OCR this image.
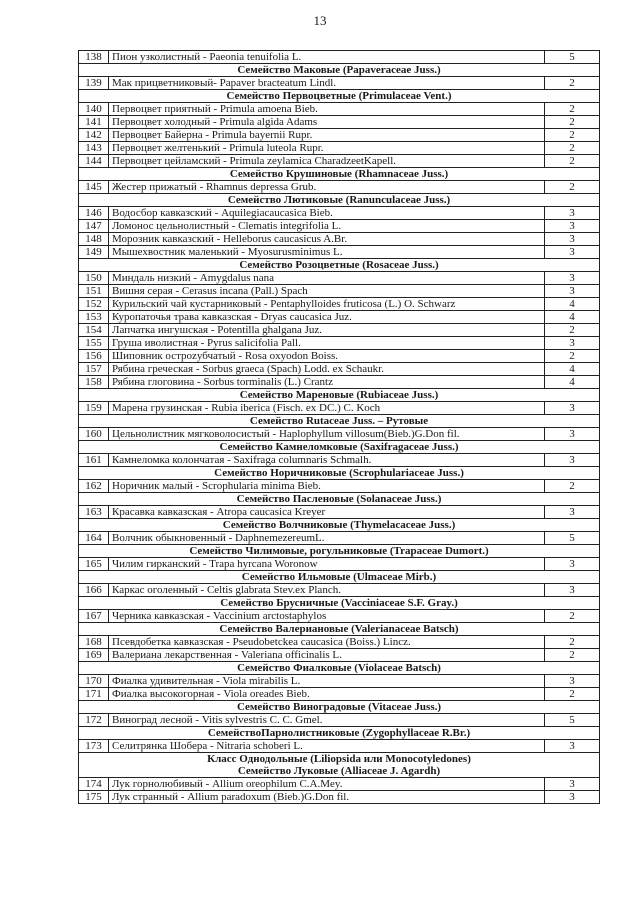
13
138	Пион узколистный - Paeonia tenuifolia L.	5
Семейство Маковые (Papaveraceae Juss.)		
139	Мак прицветниковый- Papaver bracteatum Lindl.	2
Семейство Первоцветные (Primulaceae Vent.)		
140	Первоцвет приятный - Primula amoena Bieb.	2
141	Первоцвет холодный - Primula algida Adams	2
142	Первоцвет Байерна - Primula bayernii Rupr.	2
143	Первоцвет желтенький - Primula luteola Rupr.	2
144	Первоцвет цейламский - Primula zeylamica CharadzeetKapell.	2
Семейство Крушиновые (Rhamnaceae Juss.)		
145	Жестер прижатый - Rhamnus depressa Grub.	2
Семейство Лютиковые (Ranunculaceae Juss.)		
146	Водосбор кавказский - Aquilegiacaucasica Bieb.	3
147	Ломонос цельнолистный - Clematis integrifolia L.	3
148	Морозник кавказский - Helleborus caucasicus A.Br.	3
149	Мышехвостник маленький - Myosurusminimus L.	3
Семейство Розоцветные (Rosaceae Juss.)		
150	Миндаль низкий - Amygdalus nana	3
151	Вишня серая - Cerasus incana (Pall.) Spach	3
152	Курильский чай кустарниковый - Pentaphylloides fruticosa (L.) O. Schwarz	4
153	Куропаточья трава кавказская - Dryas caucasica Juz.	4
154	Лапчатка ингушская - Potentilla ghalgana Juz.	2
155	Груша иволистная - Pyrus salicifolia Pall.	3
156	Шиповник остроzубчатый - Rosa oxyodon Boiss.	2
157	Рябина греческая - Sorbus graeca (Spach) Lodd. ex Schaukr.	4
158	Рябина глоговина - Sorbus torminalis (L.) Crantz	4
Семейство Мареновые (Rubiaceae Juss.)		
159	Марена грузинская - Rubia iberica (Fisch. ex DC.) C. Koch	3
Семейство Rutaceae Juss. – Рутовые		
160	Цельнолистник мягковолосистый - Haplophyllum villosum(Bieb.)G.Don fil.	3
Семейство Камнеломковые (Saxifragaceae Juss.)		
161	Камнеломка колончатая - Saxifraga columnaris Schmalh.	3
Семейство Норичниковые (Scrophulariaceae Juss.)		
162	Норичник малый - Scrophularia minima Bieb.	2
Семейство Пасленовые (Solanaceae Juss.)		
163	Красавка кавказская - Atropa caucasica Kreyer	3
Семейство Волчниковые (Thymelacaceae Juss.)		
164	Волчник обыкновенный - DaphnemezereumL.	5
Семейство Чилимовые, рогульниковые (Trapaceae Dumort.)		
165	Чилим гирканский - Trapa hyrcana Woronow	3
Семейство Ильмовые (Ulmaceae Mirb.)		
166	Каркас оголенный - Celtis glabrata Stev.ex Planch.	3
Семейство Брусничные (Vacciniaceae S.F. Gray.)		
167	Черника кавказская - Vaccinium arctostaphylos	2
Семейство Валериановые (Valerianaceae Batsch)		
168	Псевдобетка кавказская - Pseudobetckea caucasica (Boiss.) Lincz.	2
169	Валериана лекарственная - Valeriana officinalis L.	2
Семейство Фиалковые (Violaceae Batsch)		
170	Фиалка удивительная - Viola mirabilis L.	3
171	Фиалка высокогорная - Viola oreades Bieb.	2
Семейство Виноградовые (Vitaceae Juss.)		
172	Виноград лесной - Vitis sylvestris C. C. Gmel.	5
СемействоПарнолистниковые (Zygophyllaceae R.Br.)		
173	Селитрянка Шобера - Nitraria schoberi L.	3

Класс Однодольные (Liliopsida или Monocotyledones)
Семейство Луковые (Alliaceae J. Agardh)		

174	Лук горнолюбивый - Allium oreophilum C.A.Mey.	3
175	Лук странный - Allium paradoxum (Bieb.)G.Don fil.	3
